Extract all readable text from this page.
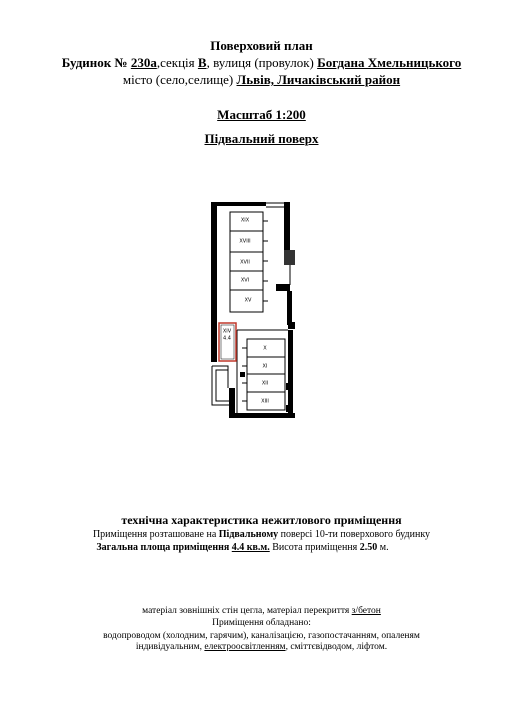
Поверховий план
Будинок № 230а,секція В, вулиця (провулок) Богдана Хмельницького
місто (село,селище) Львів, Личаківський район
Масштаб 1:200
Підвальний поверх
XIX
XVIII
XVII
XVI
XV
X
XI
XII
XIII
XIV
4.4
технічна характеристика нежитлового приміщення
Приміщення розташоване на Підвальному поверсі 10-ти поверхового будинку
Загальна площа приміщення 4.4 кв.м. Висота приміщення 2.50 м.
матеріал зовнішніх стін цегла, матеріал перекриття з/бетон
Приміщення обладнано:
водопроводом (холодним, гарячим), каналізацією, газопостачанням, опаленям
індивідуальним, електроосвітленням, сміттєвідводом, ліфтом.
